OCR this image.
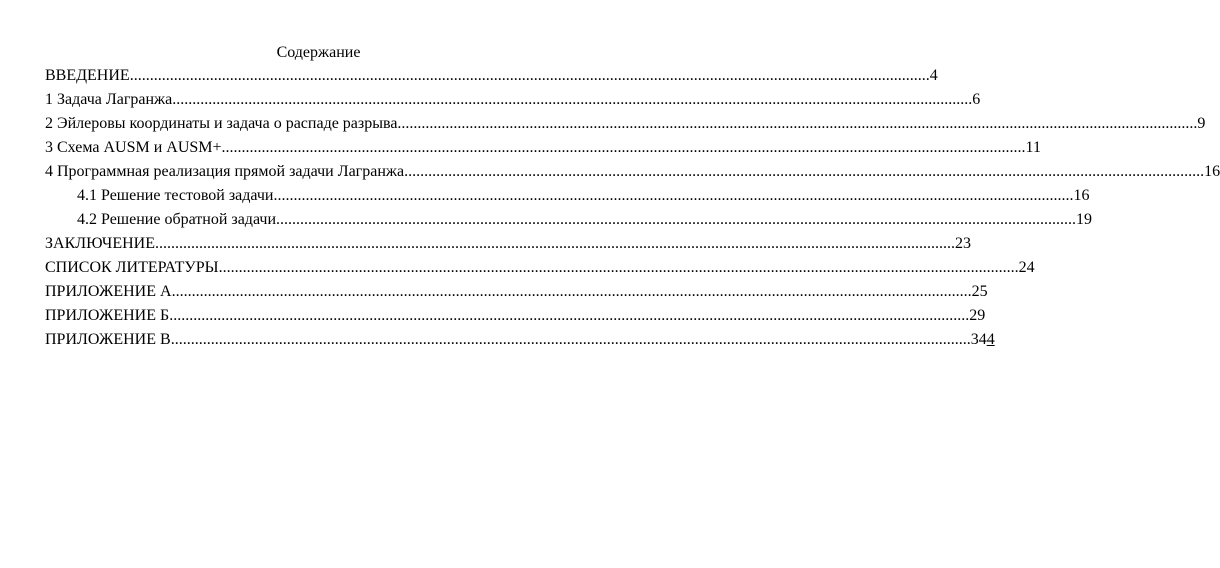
Содержание
ВВЕДЕНИЕ ........................................................................................................................................................................................................ 4
1 Задача Лагранжа ........................................................................................................................................................................................................ 6
2 Эйлеровы координаты и задача о распаде разрыва ........................................................................................................................................................................................................ 9
3 Схема AUSM и AUSM+. ........................................................................................................................................................................................................ 11
4 Программная реализация прямой задачи Лагранжа ........................................................................................................................................................................................................ 16
4.1 Решение тестовой задачи ........................................................................................................................................................................................................ 16
4.2 Решение обратной задачи ........................................................................................................................................................................................................ 19
ЗАКЛЮЧЕНИЕ ........................................................................................................................................................................................................ 23
СПИСОК ЛИТЕРАТУРЫ ........................................................................................................................................................................................................ 24
ПРИЛОЖЕНИЕ А ........................................................................................................................................................................................................ 25
ПРИЛОЖЕНИЕ Б ........................................................................................................................................................................................................ 29
ПРИЛОЖЕНИЕ В ........................................................................................................................................................................................................ 344
